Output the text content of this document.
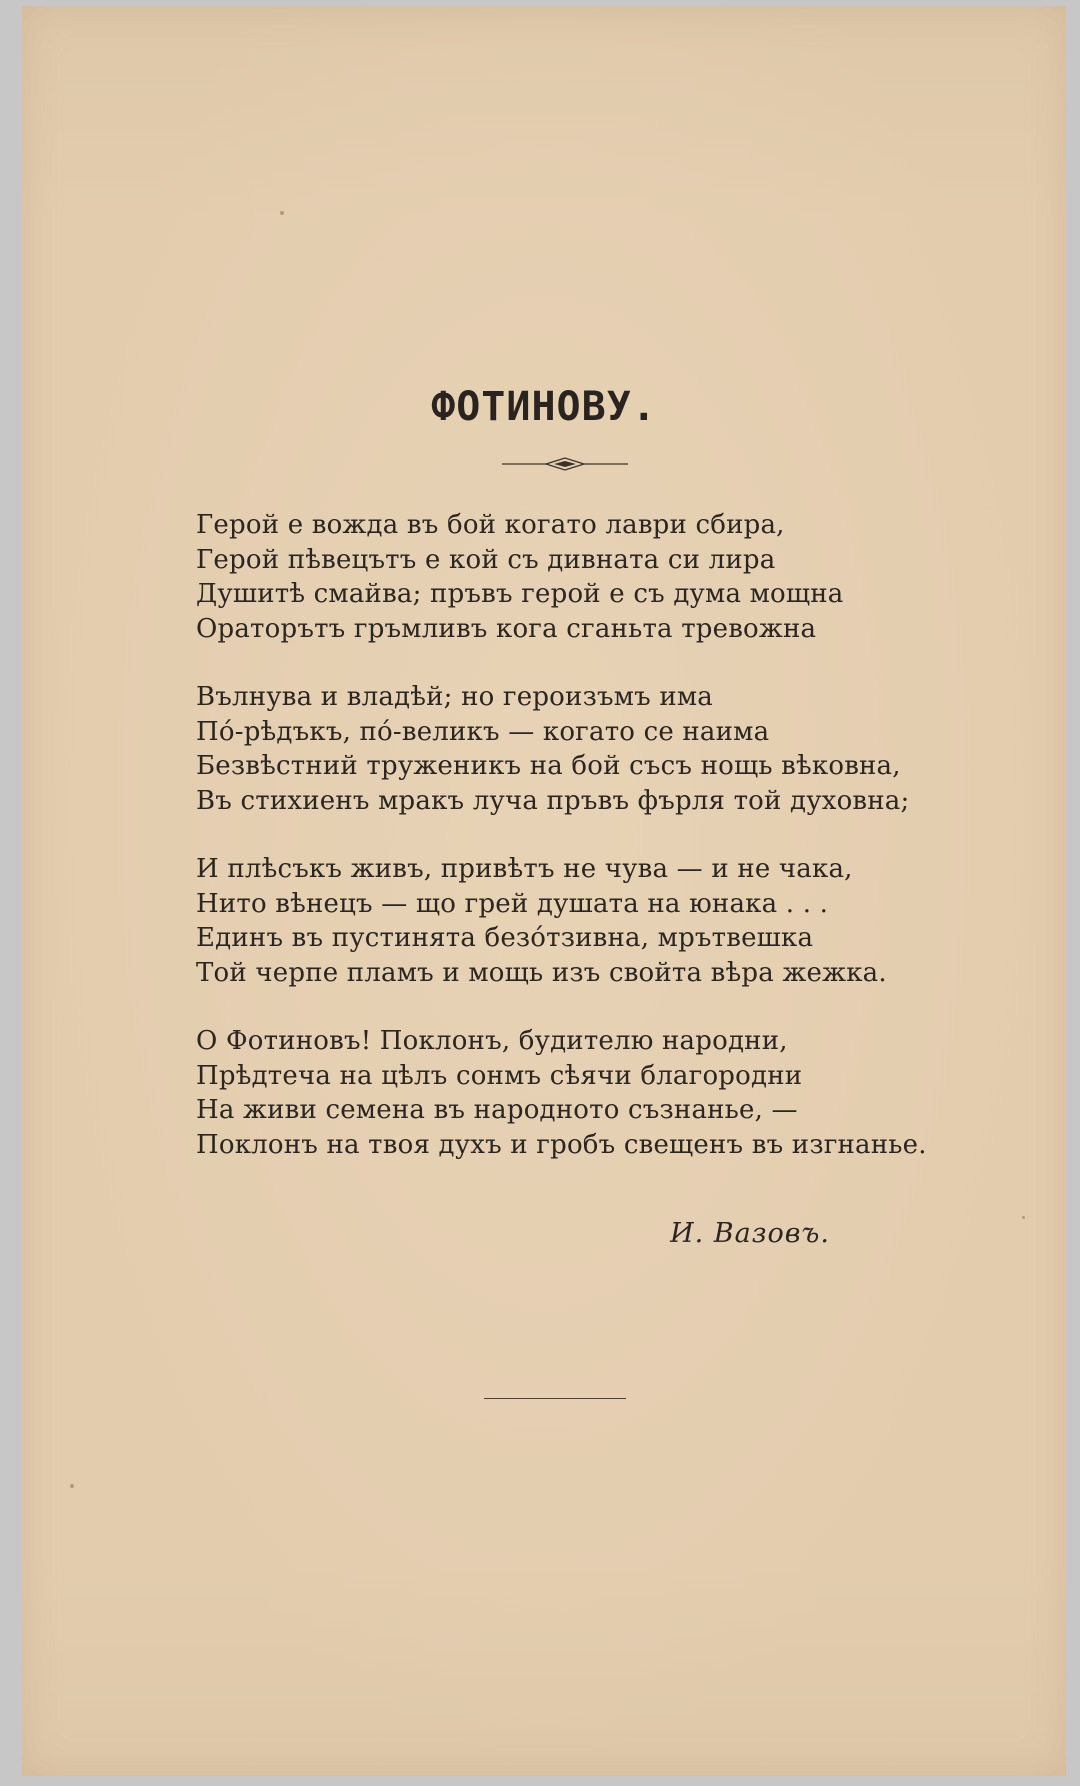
ФОТИНОВУ.
Герой е вожда въ бой когато лаври сбира,
Герой пѣвецътъ е кой съ дивната си лира
Душитѣ смайва; пръвъ герой е съ дума мощна
Ораторътъ гръмливъ кога сганьта тревожна
Вълнува и владѣй; но героизъмъ има
Пó-рѣдъкъ, пó-великъ — когато се наима
Безвѣстний труженикъ на бой съсъ нощь вѣковна,
Въ стихиенъ мракъ луча пръвъ фърля той духовна;
И плѣсъкъ живъ, привѣтъ не чува — и не чака,
Нито вѣнецъ — що грей душата на юнака . . .
Единъ въ пустинята безóтзивна, мрътвешка
Той черпе пламъ и мощь изъ свойта вѣра жежка.
О Фотиновъ! Поклонъ, будителю народни,
Прѣдтеча на цѣлъ сонмъ сѣячи благородни
На живи семена въ народното съзнанье, —
Поклонъ на твоя духъ и гробъ свещенъ въ изгнанье.
И. Вазовъ.
